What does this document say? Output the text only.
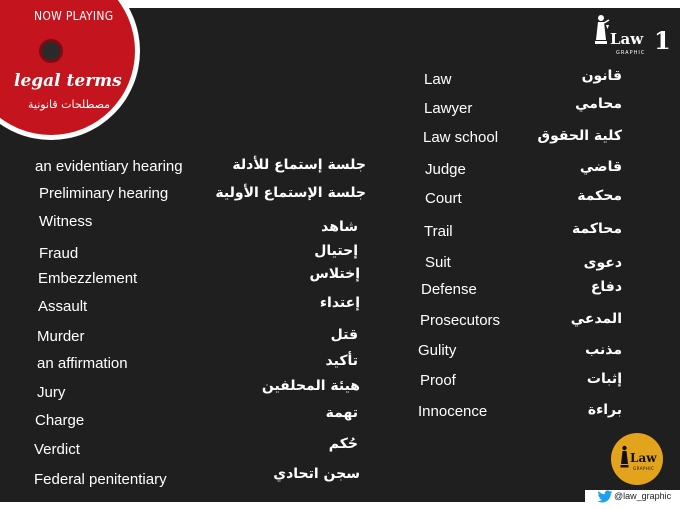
NOW PLAYING
legal terms
مصطلحات قانونية
Law
GRAPHIC 1
an evidentiary hearing	جلسة إستماع للأدلة
Preliminary hearing	جلسة الإستماع الأولية
Witness	شاهد
Fraud	إحتيال
Embezzlement	إختلاس
Assault	إعتداء
Murder	قتل
an affirmation	تأكيد
Jury	هيئة المحلفين
Charge	تهمة
Verdict	حُكم
Federal penitentiary	سجن اتحادي
Law	قانون
Lawyer	محامي
Law school	كلية الحقوق
Judge	قاضي
Court	محكمة
Trail	محاكمة
Suit	دعوى
Defense	دفاع
Prosecutors	المدعي
Gulity	مذنب
Proof	إثبات
Innocence	براءة
Law
GRAPHIC
@law_graphic
